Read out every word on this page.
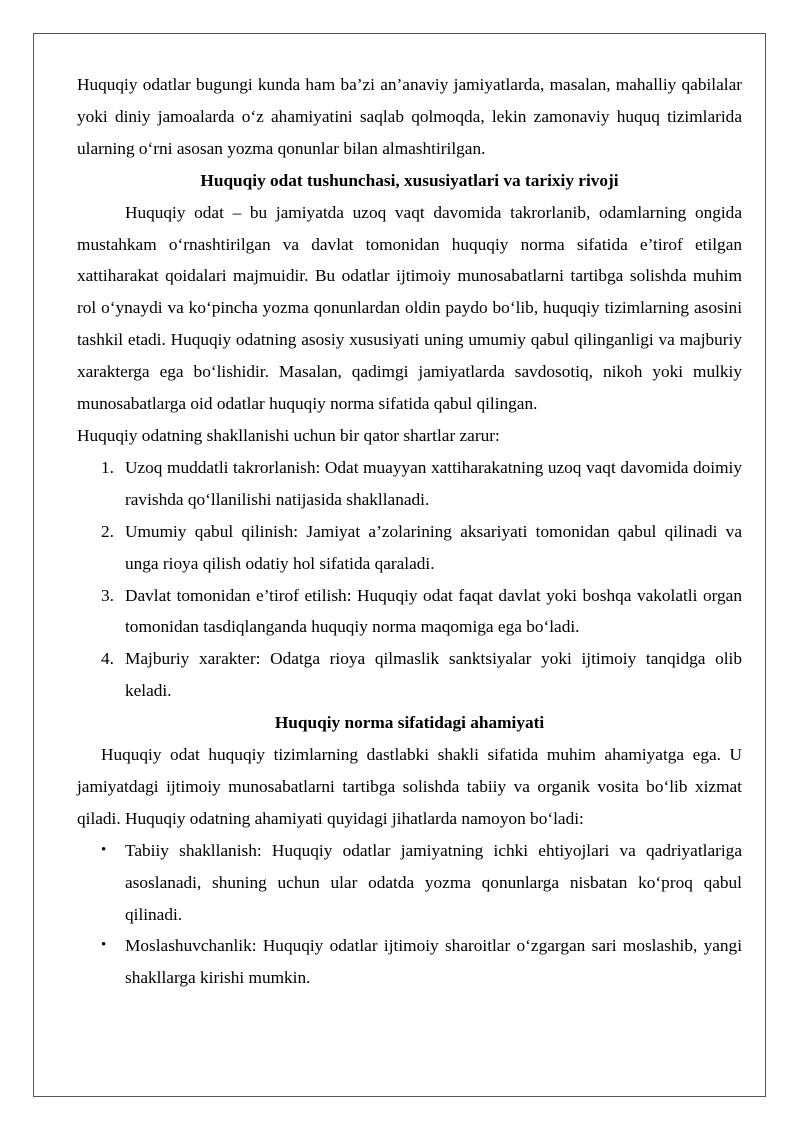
Huquqiy odatlar bugungi kunda ham ba’zi an’anaviy jamiyatlarda, masalan, mahalliy qabilalar yoki diniy jamoalarda o‘z ahamiyatini saqlab qolmoqda, lekin zamonaviy huquq tizimlarida ularning o‘rni asosan yozma qonunlar bilan almashtirilgan.

Huquqiy odat tushunchasi, xususiyatlari va tarixiy rivoji

Huquqiy odat – bu jamiyatda uzoq vaqt davomida takrorlanib, odamlarning ongida mustahkam o‘rnashtirilgan va davlat tomonidan huquqiy norma sifatida e’tirof etilgan xattiharakat qoidalari majmuidir. Bu odatlar ijtimoiy munosabatlarni tartibga solishda muhim rol o‘ynaydi va ko‘pincha yozma qonunlardan oldin paydo bo‘lib, huquqiy tizimlarning asosini tashkil etadi. Huquqiy odatning asosiy xususiyati uning umumiy qabul qilinganligi va majburiy xarakterga ega bo‘lishidir. Masalan, qadimgi jamiyatlarda savdosotiq, nikoh yoki mulkiy munosabatlarga oid odatlar huquqiy norma sifatida qabul qilingan.

Huquqiy odatning shakllanishi uchun bir qator shartlar zarur:

1. Uzoq muddatli takrorlanish: Odat muayyan xattiharakatning uzoq vaqt davomida doimiy ravishda qo‘llanilishi natijasida shakllanadi.
2. Umumiy qabul qilinish: Jamiyat a’zolarining aksariyati tomonidan qabul qilinadi va unga rioya qilish odatiy hol sifatida qaraladi.
3. Davlat tomonidan e’tirof etilish: Huquqiy odat faqat davlat yoki boshqa vakolatli organ tomonidan tasdiqlanganda huquqiy norma maqomiga ega bo‘ladi.
4. Majburiy xarakter: Odatga rioya qilmaslik sanktsiyalar yoki ijtimoiy tanqidga olib keladi.
Huquqiy norma sifatidagi ahamiyati

Huquqiy odat huquqiy tizimlarning dastlabki shakli sifatida muhim ahamiyatga ega. U jamiyatdagi ijtimoiy munosabatlarni tartibga solishda tabiiy va organik vosita bo‘lib xizmat qiladi. Huquqiy odatning ahamiyati quyidagi jihatlarda namoyon bo‘ladi:

• Tabiiy shakllanish: Huquqiy odatlar jamiyatning ichki ehtiyojlari va qadriyatlariga asoslanadi, shuning uchun ular odatda yozma qonunlarga nisbatan ko‘proq qabul qilinadi.
• Moslashuvchanlik: Huquqiy odatlar ijtimoiy sharoitlar o‘zgargan sari moslashib, yangi shakllarga kirishi mumkin.
